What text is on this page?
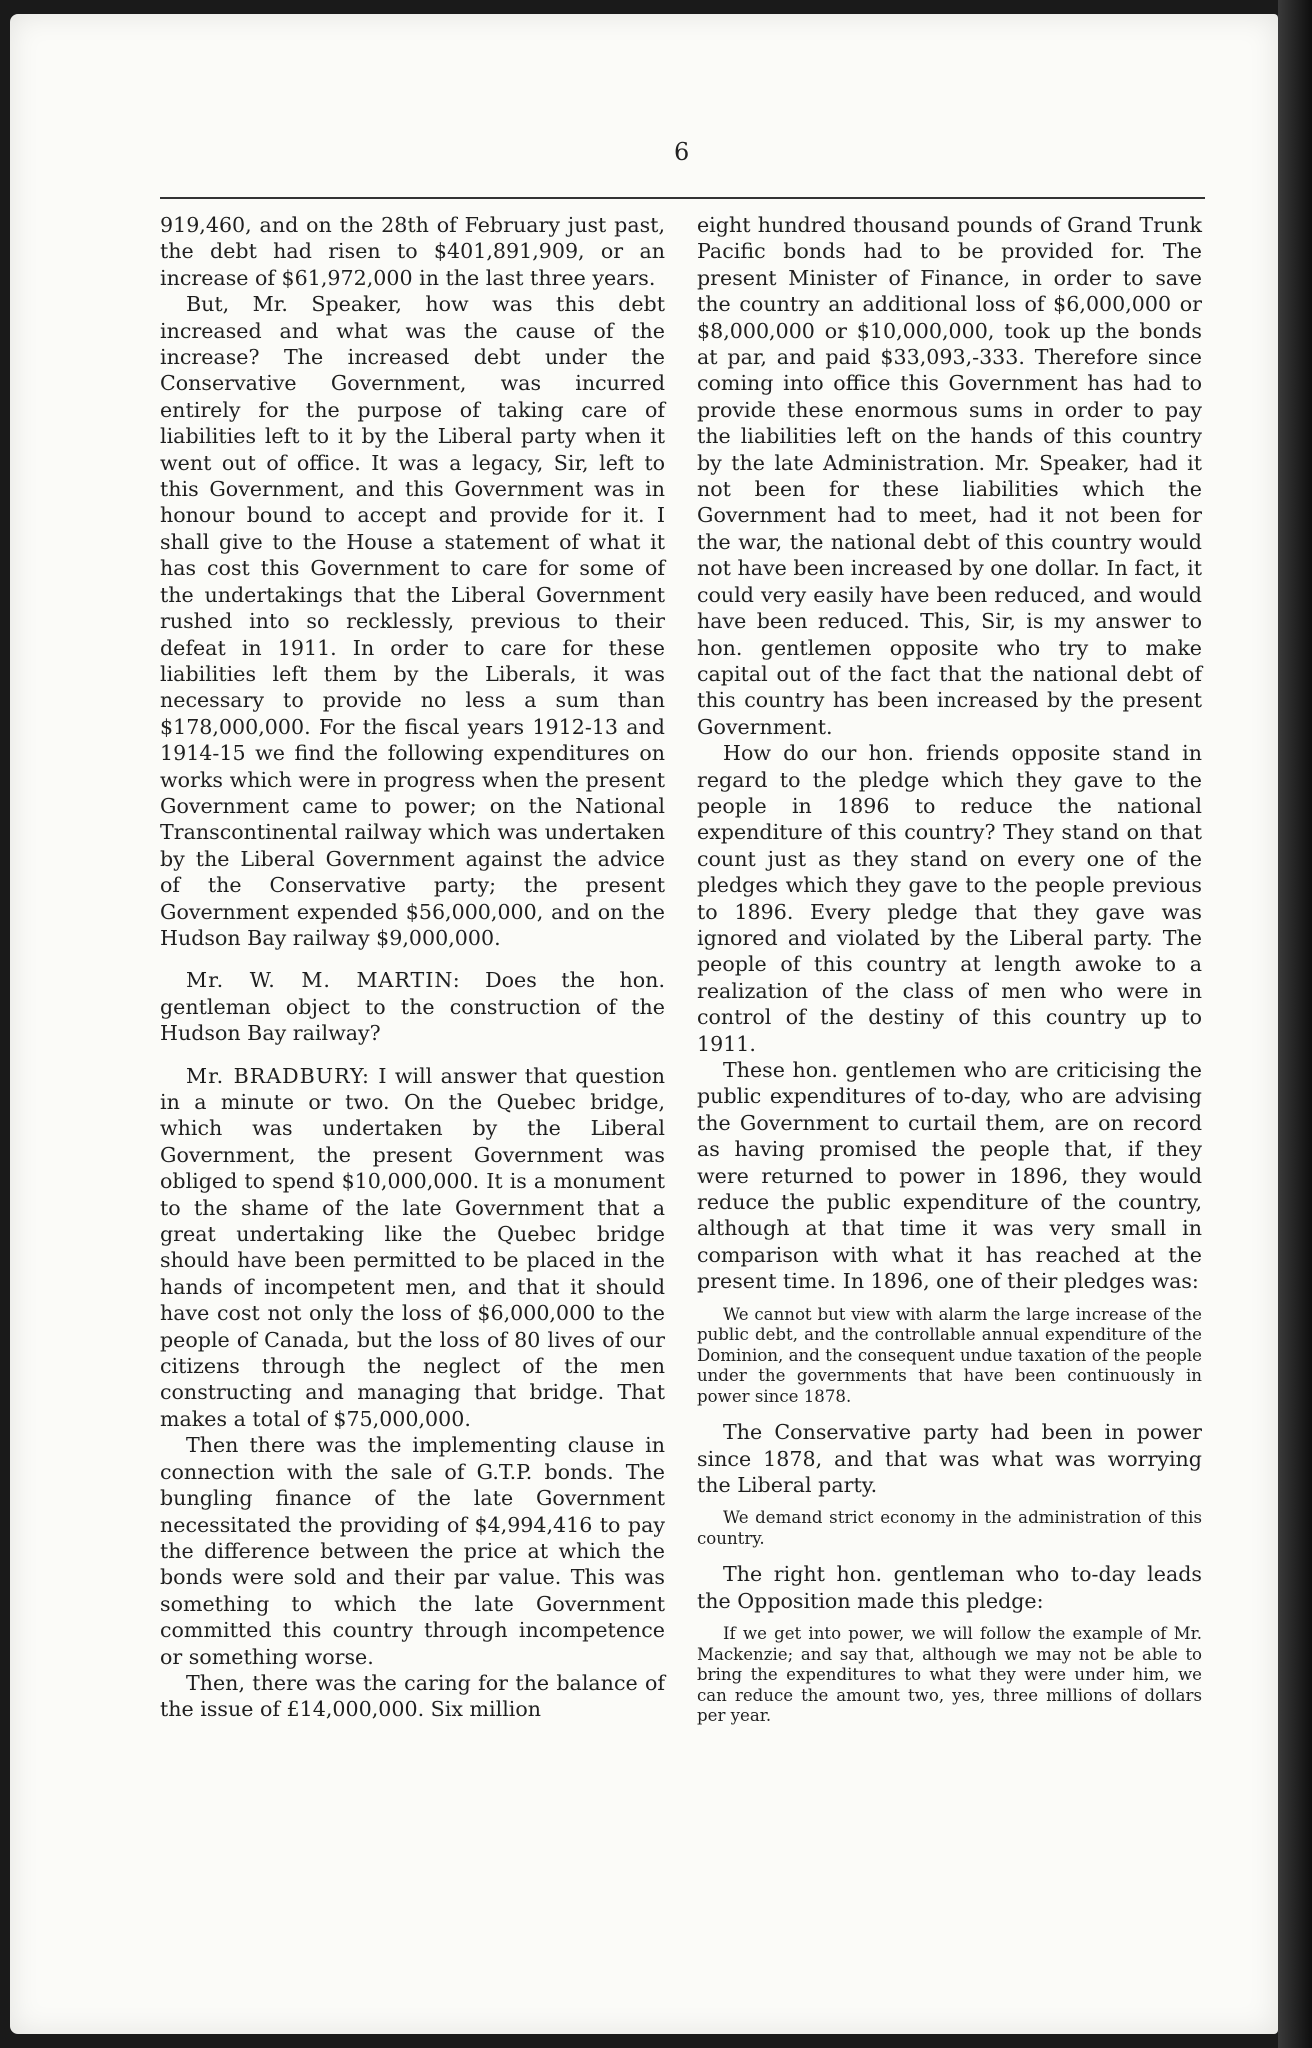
6

919,460, and on the 28th of February just past, the debt had risen to $401,891,909, or an increase of $61,972,000 in the last three years.

But, Mr. Speaker, how was this debt increased and what was the cause of the increase? The increased debt under the Conservative Government, was incurred entirely for the purpose of taking care of liabilities left to it by the Liberal party when it went out of office. It was a legacy, Sir, left to this Government, and this Government was in honour bound to accept and provide for it. I shall give to the House a statement of what it has cost this Government to care for some of the undertakings that the Liberal Government rushed into so recklessly, previous to their defeat in 1911. In order to care for these liabilities left them by the Liberals, it was necessary to provide no less a sum than $178,000,000. For the fiscal years 1912-13 and 1914-15 we find the following expenditures on works which were in progress when the present Government came to power; on the National Transcontinental railway which was undertaken by the Liberal Government against the advice of the Conservative party; the present Government expended $56,000,000, and on the Hudson Bay railway $9,000,000.

Mr. W. M. MARTIN: Does the hon. gentleman object to the construction of the Hudson Bay railway?

Mr. BRADBURY: I will answer that question in a minute or two. On the Quebec bridge, which was undertaken by the Liberal Government, the present Government was obliged to spend $10,000,000. It is a monument to the shame of the late Government that a great undertaking like the Quebec bridge should have been permitted to be placed in the hands of incompetent men, and that it should have cost not only the loss of $6,000,000 to the people of Canada, but the loss of 80 lives of our citizens through the neglect of the men constructing and managing that bridge. That makes a total of $75,000,000.

Then there was the implementing clause in connection with the sale of G.T.P. bonds. The bungling finance of the late Government necessitated the providing of $4,994,416 to pay the difference between the price at which the bonds were sold and their par value. This was something to which the late Government committed this country through incompetence or something worse.

Then, there was the caring for the balance of the issue of £14,000,000. Six million

eight hundred thousand pounds of Grand Trunk Pacific bonds had to be provided for. The present Minister of Finance, in order to save the country an additional loss of $6,000,000 or $8,000,000 or $10,000,000, took up the bonds at par, and paid $33,093,-333. Therefore since coming into office this Government has had to provide these enormous sums in order to pay the liabilities left on the hands of this country by the late Administration. Mr. Speaker, had it not been for these liabilities which the Government had to meet, had it not been for the war, the national debt of this country would not have been increased by one dollar. In fact, it could very easily have been reduced, and would have been reduced. This, Sir, is my answer to hon. gentlemen opposite who try to make capital out of the fact that the national debt of this country has been increased by the present Government.

How do our hon. friends opposite stand in regard to the pledge which they gave to the people in 1896 to reduce the national expenditure of this country? They stand on that count just as they stand on every one of the pledges which they gave to the people previous to 1896. Every pledge that they gave was ignored and violated by the Liberal party. The people of this country at length awoke to a realization of the class of men who were in control of the destiny of this country up to 1911.

These hon. gentlemen who are criticising the public expenditures of to-day, who are advising the Government to curtail them, are on record as having promised the people that, if they were returned to power in 1896, they would reduce the public expenditure of the country, although at that time it was very small in comparison with what it has reached at the present time. In 1896, one of their pledges was:

We cannot but view with alarm the large increase of the public debt, and the controllable annual expenditure of the Dominion, and the consequent undue taxation of the people under the governments that have been continuously in power since 1878.

The Conservative party had been in power since 1878, and that was what was worrying the Liberal party.

We demand strict economy in the administration of this country.

The right hon. gentleman who to-day leads the Opposition made this pledge:

If we get into power, we will follow the example of Mr. Mackenzie; and say that, although we may not be able to bring the expenditures to what they were under him, we can reduce the amount two, yes, three millions of dollars per year.
